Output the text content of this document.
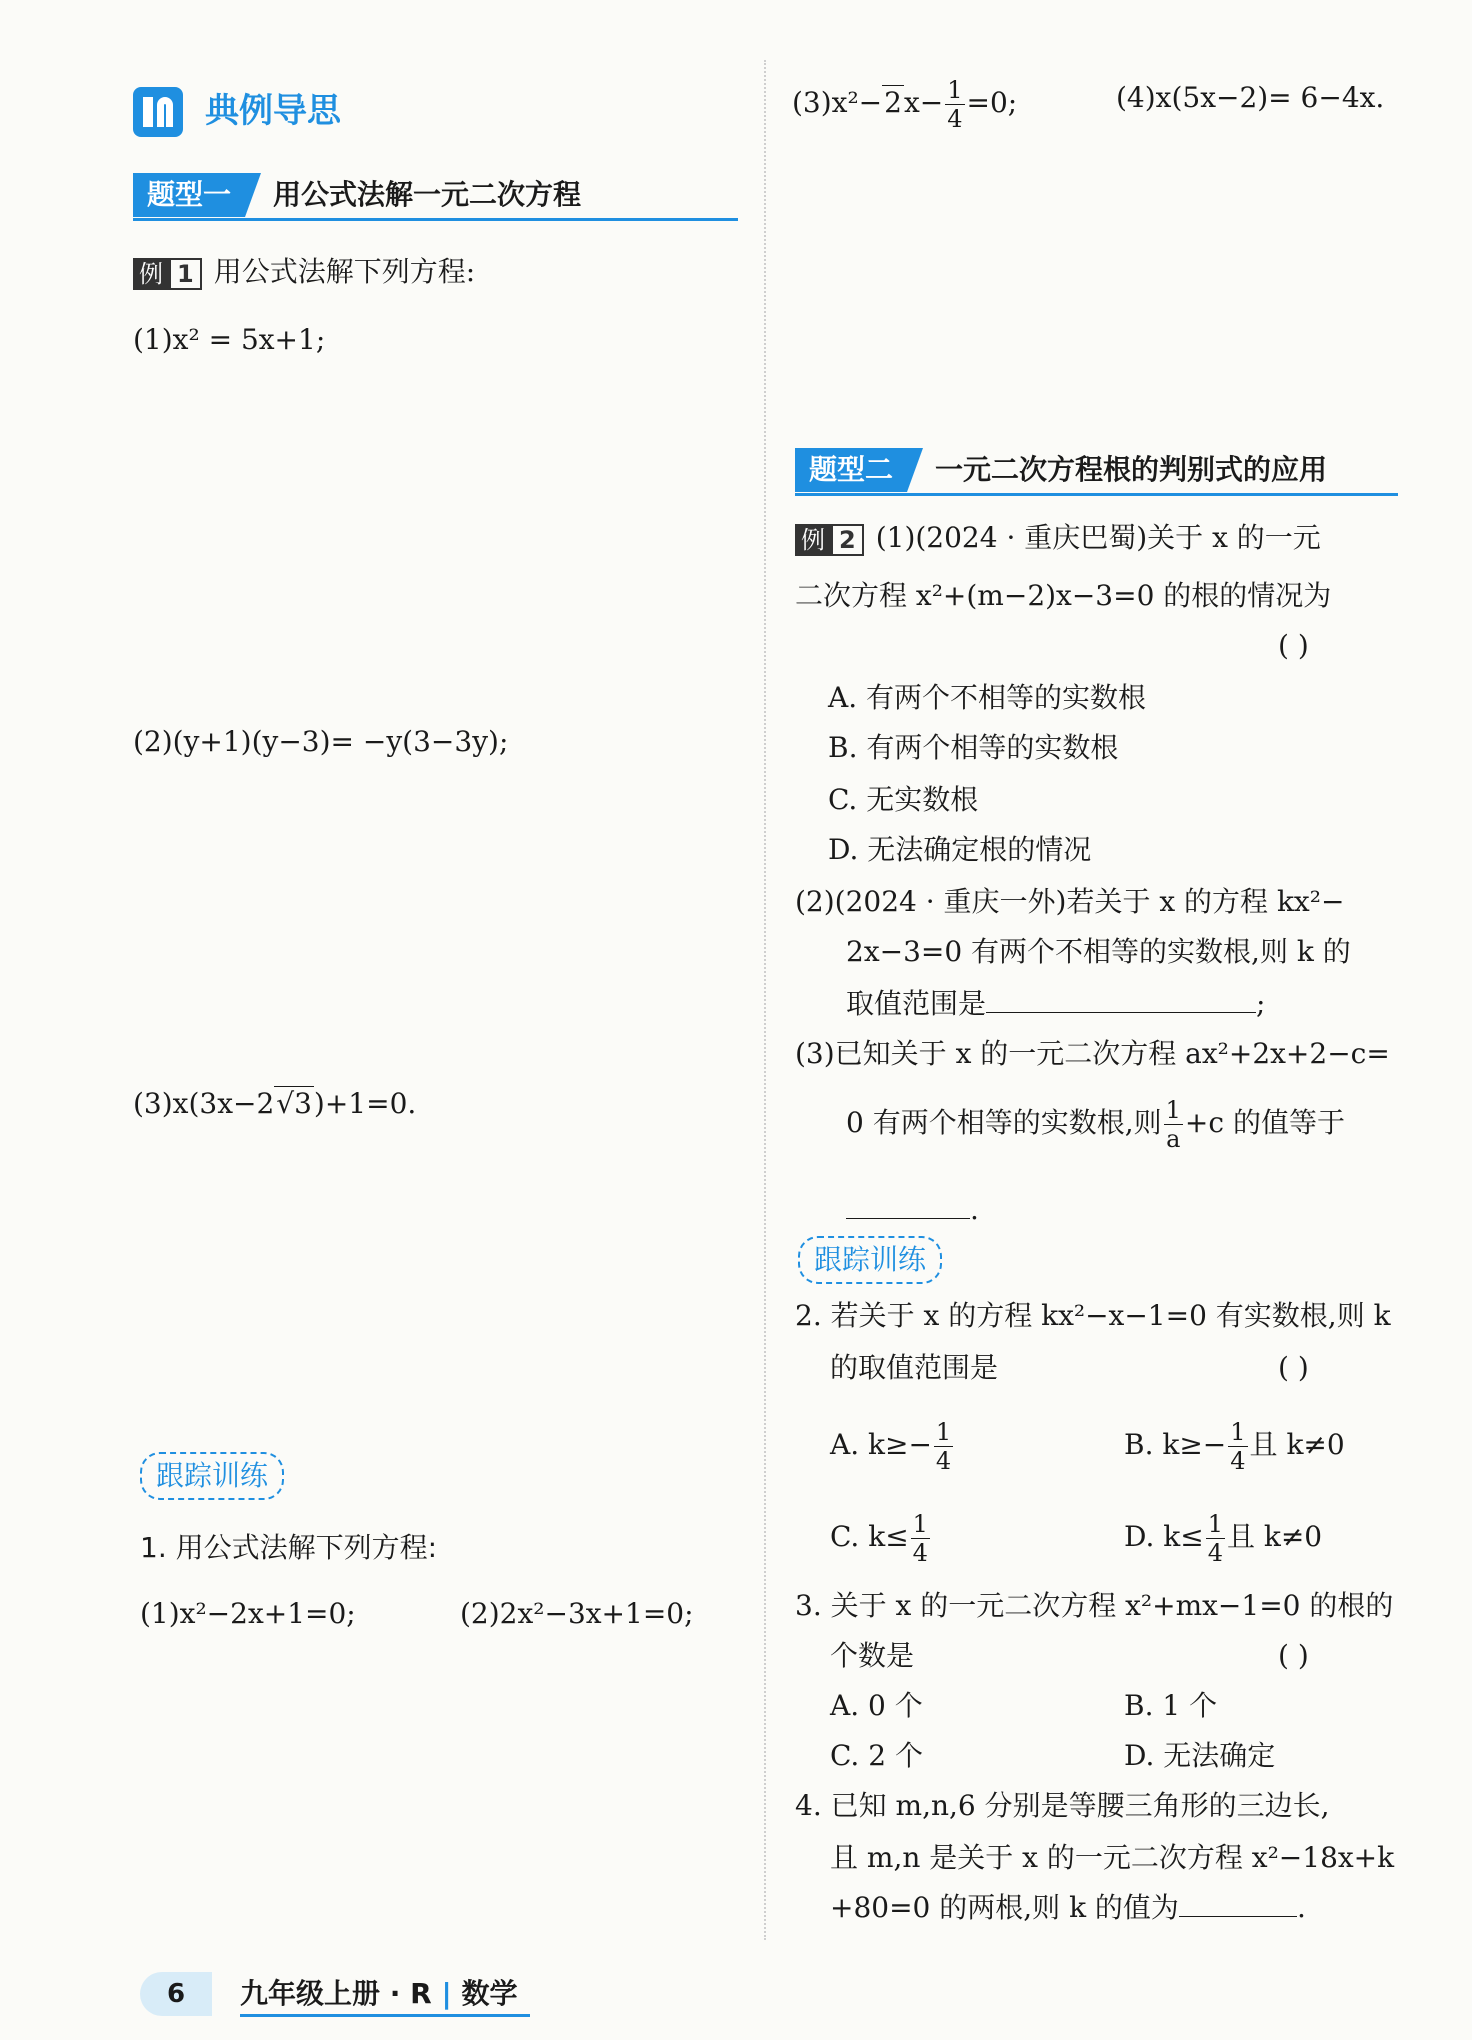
典例导思
题型一	用公式法解一元二次方程
例 1 用公式法解下列方程:
(1)x² = 5x+1;
(2)(y+1)(y−3)= −y(3−3y);
(3)x(3x−2√3)+1=0.
跟踪训练
1. 用公式法解下列方程:
(1)x²−2x+1=0;	(2)2x²−3x+1=0;
$(3)x^2-2x- \frac{1}{4} =0$;	(4)x(5x−2)= 6−4x.
题型二	一元二次方程根的判别式的应用
例 2 (1)(2024 · 重庆巴蜀)关于 x 的一元
二次方程 x²+(m−2)x−3=0 的根的情况为
( )
A. 有两个不相等的实数根
B. 有两个相等的实数根
C. 无实数根
D. 无法确定根的情况
(2)(2024 · 重庆一外)若关于 x 的方程 kx²−
2x−3=0 有两个不相等的实数根,则 k 的
取值范围是	;
(3)已知关于 x 的一元二次方程 ax²+2x+2−c=
0 有两个相等的实数根,则 $\frac{1}{a} +c$ 的值等于
.
跟踪训练
2. 若关于 x 的方程 kx²−x−1=0 有实数根,则 k
的取值范围是	( )
A. $k\ge- \frac{1}{4}$	B. $k\ge- \frac{1}{4}$ 且 k≠0
C. $k\le \frac{1}{4}$	D. $k\le \frac{1}{4}$ 且 k≠0
3. 关于 x 的一元二次方程 x²+mx−1=0 的根的
个数是	( )
A. 0 个	B. 1 个
C. 2 个	D. 无法确定
4. 已知 m,n,6 分别是等腰三角形的三边长,
且 m,n 是关于 x 的一元二次方程 x²−18x+k
+80=0 的两根,则 k 的值为	.
6	九年级上册 · R | 数学
